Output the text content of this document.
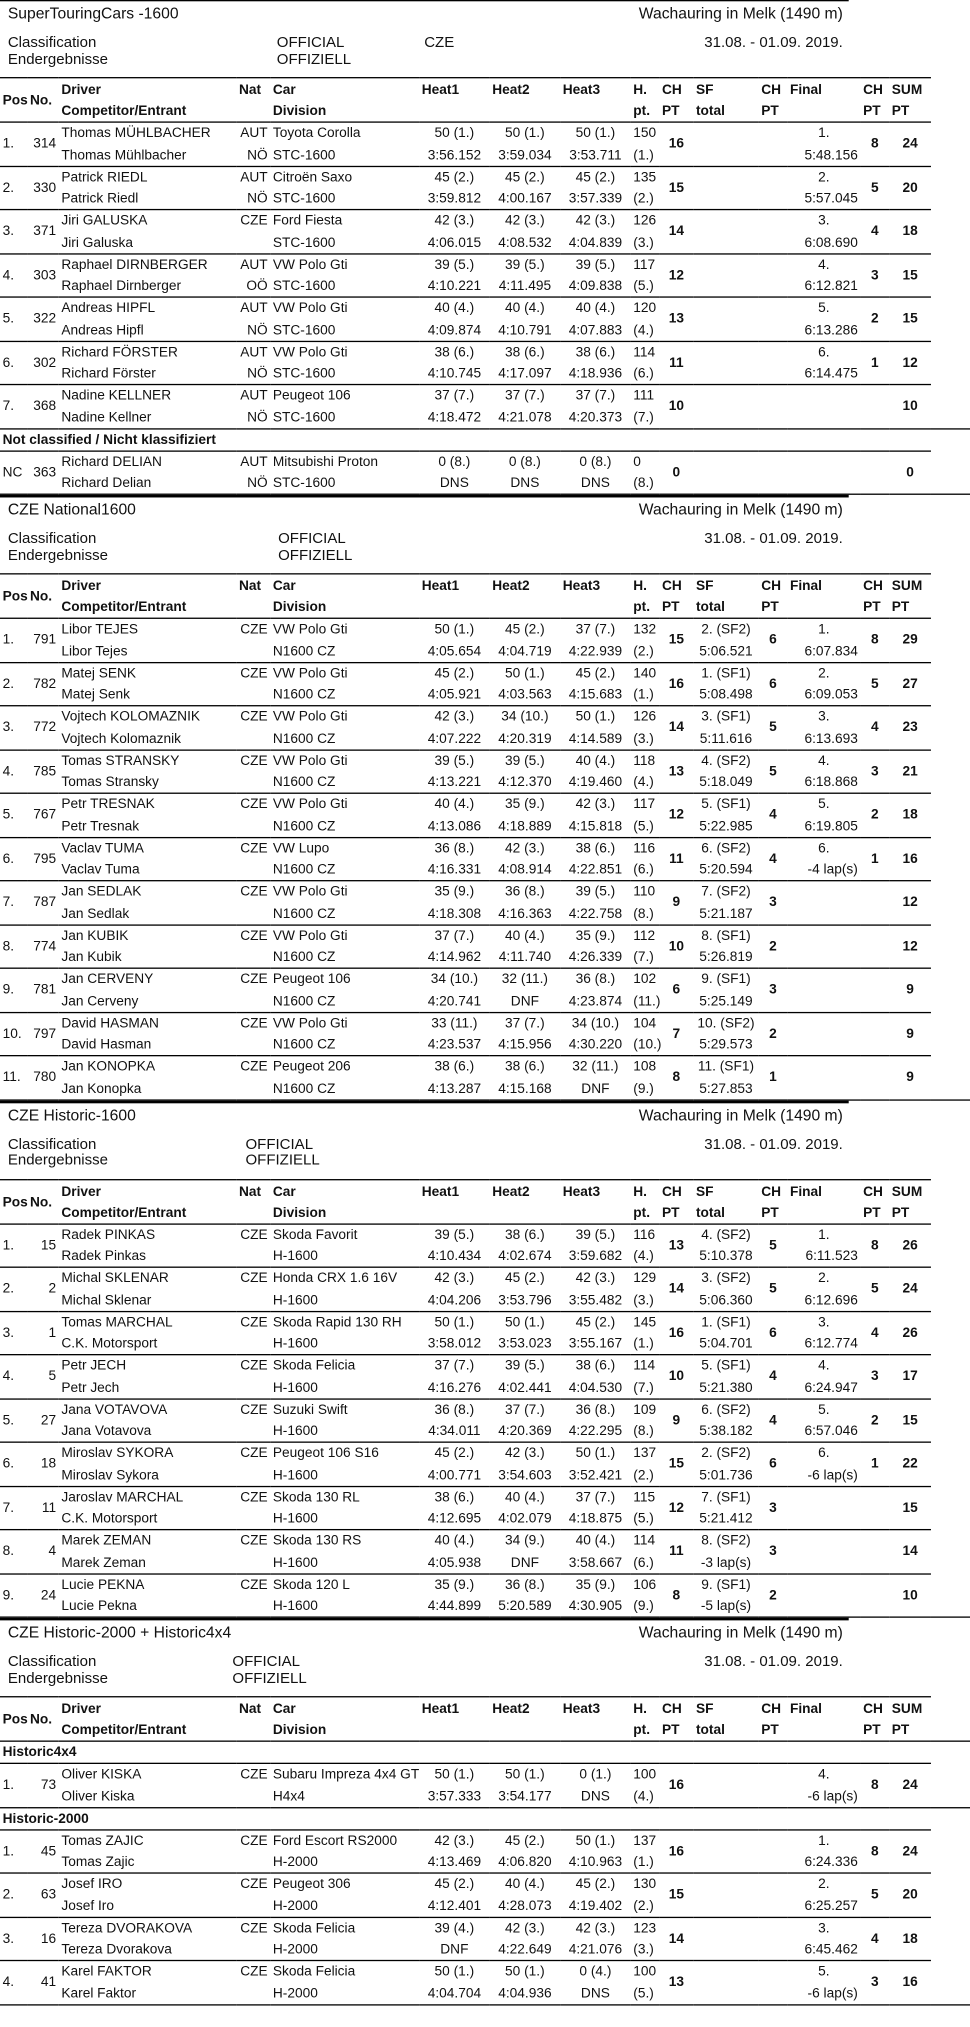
SuperTouringCars -1600	Wachauring in Melk (1490 m)
Classification
Endergebnisse
OFFICIAL
OFFIZIELL
CZE	31.08. - 01.09. 2019.
Pos	No.	Driver	Nat	Car	Heat1	Heat2	Heat3	H.	CH	SF	CH	Final	CH	SUM
		Competitor/Entrant		Division				pt.	PT	total	PT		PT	PT
1.	314	Thomas MÜHLBACHER	AUT	Toyota Corolla	50 (1.)	50 (1.)	50 (1.)	150	16			1.	8	24
		Thomas Mühlbacher	NÖ	STC-1600	3:56.152	3:59.034	3:53.711	(1.)				5:48.156		
2.	330	Patrick RIEDL	AUT	Citroën Saxo	45 (2.)	45 (2.)	45 (2.)	135	15			2.	5	20
		Patrick Riedl	NÖ	STC-1600	3:59.812	4:00.167	3:57.339	(2.)				5:57.045		
3.	371	Jiri GALUSKA	CZE	Ford Fiesta	42 (3.)	42 (3.)	42 (3.)	126	14			3.	4	18
		Jiri Galuska		STC-1600	4:06.015	4:08.532	4:04.839	(3.)				6:08.690		
4.	303	Raphael DIRNBERGER	AUT	VW Polo Gti	39 (5.)	39 (5.)	39 (5.)	117	12			4.	3	15
		Raphael Dirnberger	OÖ	STC-1600	4:10.221	4:11.495	4:09.838	(5.)				6:12.821		
5.	322	Andreas HIPFL	AUT	VW Polo Gti	40 (4.)	40 (4.)	40 (4.)	120	13			5.	2	15
		Andreas Hipfl	NÖ	STC-1600	4:09.874	4:10.791	4:07.883	(4.)				6:13.286		
6.	302	Richard FÖRSTER	AUT	VW Polo Gti	38 (6.)	38 (6.)	38 (6.)	114	11			6.	1	12
		Richard Förster	NÖ	STC-1600	4:10.745	4:17.097	4:18.936	(6.)				6:14.475		
7.	368	Nadine KELLNER	AUT	Peugeot 106	37 (7.)	37 (7.)	37 (7.)	111	10					10
		Nadine Kellner	NÖ	STC-1600	4:18.472	4:21.078	4:20.373	(7.)						
Not classified / Nicht klassifiziert														
NC	363	Richard DELIAN	AUT	Mitsubishi Proton	0 (8.)	0 (8.)	0 (8.)	0	0					0
		Richard Delian	NÖ	STC-1600	DNS	DNS	DNS	(8.)						
CZE National1600	Wachauring in Melk (1490 m)
Classification
Endergebnisse
OFFICIAL
OFFIZIELL
31.08. - 01.09. 2019.
Pos	No.	Driver	Nat	Car	Heat1	Heat2	Heat3	H.	CH	SF	CH	Final	CH	SUM
		Competitor/Entrant		Division				pt.	PT	total	PT		PT	PT
1.	791	Libor TEJES	CZE	VW Polo Gti	50 (1.)	45 (2.)	37 (7.)	132	15	2. (SF2)	6	1.	8	29
		Libor Tejes		N1600 CZ	4:05.654	4:04.719	4:22.939	(2.)		5:06.521		6:07.834		
2.	782	Matej SENK	CZE	VW Polo Gti	45 (2.)	50 (1.)	45 (2.)	140	16	1. (SF1)	6	2.	5	27
		Matej Senk		N1600 CZ	4:05.921	4:03.563	4:15.683	(1.)		5:08.498		6:09.053		
3.	772	Vojtech KOLOMAZNIK	CZE	VW Polo Gti	42 (3.)	34 (10.)	50 (1.)	126	14	3. (SF1)	5	3.	4	23
		Vojtech Kolomaznik		N1600 CZ	4:07.222	4:20.319	4:14.589	(3.)		5:11.616		6:13.693		
4.	785	Tomas STRANSKY	CZE	VW Polo Gti	39 (5.)	39 (5.)	40 (4.)	118	13	4. (SF2)	5	4.	3	21
		Tomas Stransky		N1600 CZ	4:13.221	4:12.370	4:19.460	(4.)		5:18.049		6:18.868		
5.	767	Petr TRESNAK	CZE	VW Polo Gti	40 (4.)	35 (9.)	42 (3.)	117	12	5. (SF1)	4	5.	2	18
		Petr Tresnak		N1600 CZ	4:13.086	4:18.889	4:15.818	(5.)		5:22.985		6:19.805		
6.	795	Vaclav TUMA	CZE	VW Lupo	36 (8.)	42 (3.)	38 (6.)	116	11	6. (SF2)	4	6.	1	16
		Vaclav Tuma		N1600 CZ	4:16.331	4:08.914	4:22.851	(6.)		5:20.594		-4 lap(s)		
7.	787	Jan SEDLAK	CZE	VW Polo Gti	35 (9.)	36 (8.)	39 (5.)	110	9	7. (SF2)	3			12
		Jan Sedlak		N1600 CZ	4:18.308	4:16.363	4:22.758	(8.)		5:21.187				
8.	774	Jan KUBIK	CZE	VW Polo Gti	37 (7.)	40 (4.)	35 (9.)	112	10	8. (SF1)	2			12
		Jan Kubik		N1600 CZ	4:14.962	4:11.740	4:26.339	(7.)		5:26.819				
9.	781	Jan CERVENY	CZE	Peugeot 106	34 (10.)	32 (11.)	36 (8.)	102	6	9. (SF1)	3			9
		Jan Cerveny		N1600 CZ	4:20.741	DNF	4:23.874	(11.)		5:25.149				
10.	797	David HASMAN	CZE	VW Polo Gti	33 (11.)	37 (7.)	34 (10.)	104	7	10. (SF2)	2			9
		David Hasman		N1600 CZ	4:23.537	4:15.956	4:30.220	(10.)		5:29.573				
11.	780	Jan KONOPKA	CZE	Peugeot 206	38 (6.)	38 (6.)	32 (11.)	108	8	11. (SF1)	1			9
		Jan Konopka		N1600 CZ	4:13.287	4:15.168	DNF	(9.)		5:27.853				
CZE Historic-1600	Wachauring in Melk (1490 m)
Classification
Endergebnisse
OFFICIAL
OFFIZIELL
31.08. - 01.09. 2019.
Pos	No.	Driver	Nat	Car	Heat1	Heat2	Heat3	H.	CH	SF	CH	Final	CH	SUM
		Competitor/Entrant		Division				pt.	PT	total	PT		PT	PT
1.	15	Radek PINKAS	CZE	Skoda Favorit	39 (5.)	38 (6.)	39 (5.)	116	13	4. (SF2)	5	1.	8	26
		Radek Pinkas		H-1600	4:10.434	4:02.674	3:59.682	(4.)		5:10.378		6:11.523		
2.	2	Michal SKLENAR	CZE	Honda CRX 1.6 16V	42 (3.)	45 (2.)	42 (3.)	129	14	3. (SF2)	5	2.	5	24
		Michal Sklenar		H-1600	4:04.206	3:53.796	3:55.482	(3.)		5:06.360		6:12.696		
3.	1	Tomas MARCHAL	CZE	Skoda Rapid 130 RH	50 (1.)	50 (1.)	45 (2.)	145	16	1. (SF1)	6	3.	4	26
		C.K. Motorsport		H-1600	3:58.012	3:53.023	3:55.167	(1.)		5:04.701		6:12.774		
4.	5	Petr JECH	CZE	Skoda Felicia	37 (7.)	39 (5.)	38 (6.)	114	10	5. (SF1)	4	4.	3	17
		Petr Jech		H-1600	4:16.276	4:02.441	4:04.530	(7.)		5:21.380		6:24.947		
5.	27	Jana VOTAVOVA	CZE	Suzuki Swift	36 (8.)	37 (7.)	36 (8.)	109	9	6. (SF2)	4	5.	2	15
		Jana Votavova		H-1600	4:34.011	4:20.369	4:22.295	(8.)		5:38.182		6:57.046		
6.	18	Miroslav SYKORA	CZE	Peugeot 106 S16	45 (2.)	42 (3.)	50 (1.)	137	15	2. (SF2)	6	6.	1	22
		Miroslav Sykora		H-1600	4:00.771	3:54.603	3:52.421	(2.)		5:01.736		-6 lap(s)		
7.	11	Jaroslav MARCHAL	CZE	Skoda 130 RL	38 (6.)	40 (4.)	37 (7.)	115	12	7. (SF1)	3			15
		C.K. Motorsport		H-1600	4:12.695	4:02.079	4:18.875	(5.)		5:21.412				
8.	4	Marek ZEMAN	CZE	Skoda 130 RS	40 (4.)	34 (9.)	40 (4.)	114	11	8. (SF2)	3			14
		Marek Zeman		H-1600	4:05.938	DNF	3:58.667	(6.)		-3 lap(s)				
9.	24	Lucie PEKNA	CZE	Skoda 120 L	35 (9.)	36 (8.)	35 (9.)	106	8	9. (SF1)	2			10
		Lucie Pekna		H-1600	4:44.899	5:20.589	4:30.905	(9.)		-5 lap(s)				
CZE Historic-2000 + Historic4x4	Wachauring in Melk (1490 m)
Classification
Endergebnisse
OFFICIAL
OFFIZIELL
31.08. - 01.09. 2019.
Pos	No.	Driver	Nat	Car	Heat1	Heat2	Heat3	H.	CH	SF	CH	Final	CH	SUM
		Competitor/Entrant		Division				pt.	PT	total	PT		PT	PT
Historic4x4														
1.	73	Oliver KISKA	CZE	Subaru Impreza 4x4 GT	50 (1.)	50 (1.)	0 (1.)	100	16			4.	8	24
		Oliver Kiska		H4x4	3:57.333	3:54.177	DNS	(4.)				-6 lap(s)		
Historic-2000														
1.	45	Tomas ZAJIC	CZE	Ford Escort RS2000	42 (3.)	45 (2.)	50 (1.)	137	16			1.	8	24
		Tomas Zajic		H-2000	4:13.469	4:06.820	4:10.963	(1.)				6:24.336		
2.	63	Josef IRO	CZE	Peugeot 306	45 (2.)	40 (4.)	45 (2.)	130	15			2.	5	20
		Josef Iro		H-2000	4:12.401	4:28.073	4:19.402	(2.)				6:25.257		
3.	16	Tereza DVORAKOVA	CZE	Skoda Felicia	39 (4.)	42 (3.)	42 (3.)	123	14			3.	4	18
		Tereza Dvorakova		H-2000	DNF	4:22.649	4:21.076	(3.)				6:45.462		
4.	41	Karel FAKTOR	CZE	Skoda Felicia	50 (1.)	50 (1.)	0 (4.)	100	13			5.	3	16
		Karel Faktor		H-2000	4:04.704	4:04.936	DNS	(5.)				-6 lap(s)		
